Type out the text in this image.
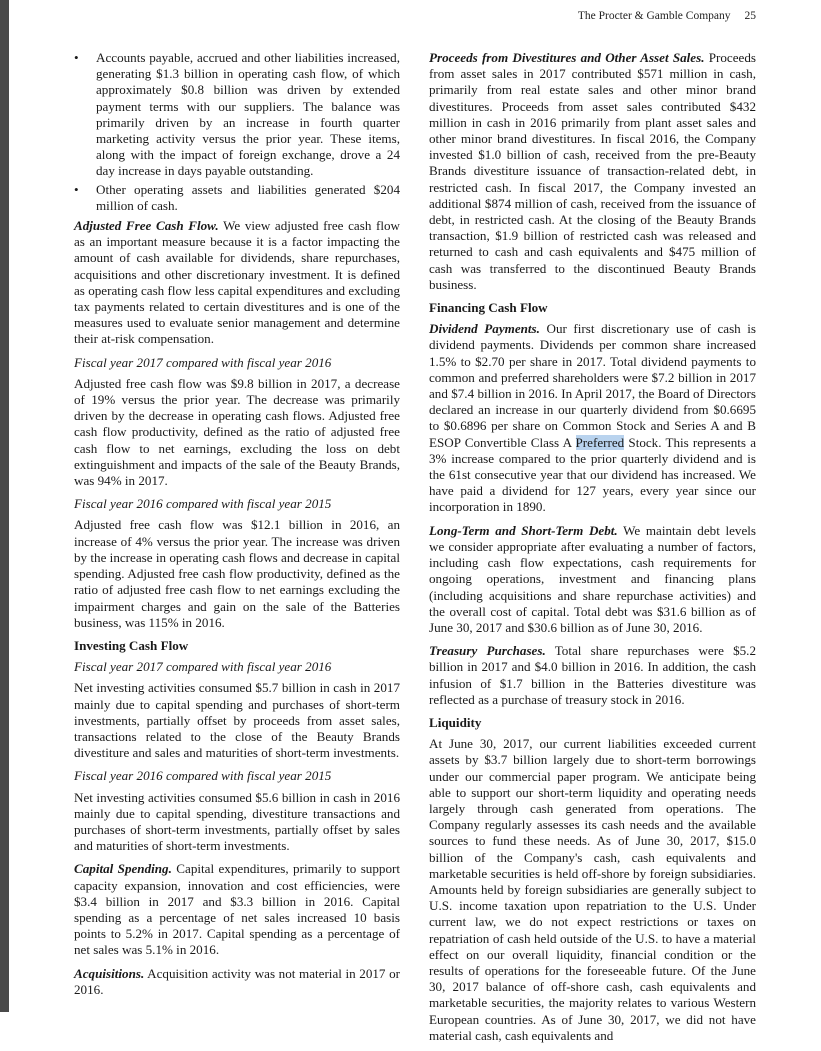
The Procter & Gamble Company 25
• Accounts payable, accrued and other liabilities increased, generating $1.3 billion in operating cash flow, of which approximately $0.8 billion was driven by extended payment terms with our suppliers. The balance was primarily driven by an increase in fourth quarter marketing activity versus the prior year. These items, along with the impact of foreign exchange, drove a 24 day increase in days payable outstanding.
• Other operating assets and liabilities generated $204 million of cash.

Adjusted Free Cash Flow. We view adjusted free cash flow as an important measure because it is a factor impacting the amount of cash available for dividends, share repurchases, acquisitions and other discretionary investment. It is defined as operating cash flow less capital expenditures and excluding tax payments related to certain divestitures and is one of the measures used to evaluate senior management and determine their at-risk compensation.

Fiscal year 2017 compared with fiscal year 2016

Adjusted free cash flow was $9.8 billion in 2017, a decrease of 19% versus the prior year. The decrease was primarily driven by the decrease in operating cash flows. Adjusted free cash flow productivity, defined as the ratio of adjusted free cash flow to net earnings, excluding the loss on debt extinguishment and impacts of the sale of the Beauty Brands, was 94% in 2017.

Fiscal year 2016 compared with fiscal year 2015

Adjusted free cash flow was $12.1 billion in 2016, an increase of 4% versus the prior year. The increase was driven by the increase in operating cash flows and decrease in capital spending. Adjusted free cash flow productivity, defined as the ratio of adjusted free cash flow to net earnings excluding the impairment charges and gain on the sale of the Batteries business, was 115% in 2016.

Investing Cash Flow
Fiscal year 2017 compared with fiscal year 2016

Net investing activities consumed $5.7 billion in cash in 2017 mainly due to capital spending and purchases of short-term investments, partially offset by proceeds from asset sales, transactions related to the close of the Beauty Brands divestiture and sales and maturities of short-term investments.

Fiscal year 2016 compared with fiscal year 2015

Net investing activities consumed $5.6 billion in cash in 2016 mainly due to capital spending, divestiture transactions and purchases of short-term investments, partially offset by sales and maturities of short-term investments.

Capital Spending. Capital expenditures, primarily to support capacity expansion, innovation and cost efficiencies, were $3.4 billion in 2017 and $3.3 billion in 2016. Capital spending as a percentage of net sales increased 10 basis points to 5.2% in 2017. Capital spending as a percentage of net sales was 5.1% in 2016.

Acquisitions. Acquisition activity was not material in 2017 or 2016.

Proceeds from Divestitures and Other Asset Sales. Proceeds from asset sales in 2017 contributed $571 million in cash, primarily from real estate sales and other minor brand divestitures. Proceeds from asset sales contributed $432 million in cash in 2016 primarily from plant asset sales and other minor brand divestitures. In fiscal 2016, the Company invested $1.0 billion of cash, received from the pre-Beauty Brands divestiture issuance of transaction-related debt, in restricted cash. In fiscal 2017, the Company invested an additional $874 million of cash, received from the issuance of debt, in restricted cash. At the closing of the Beauty Brands transaction, $1.9 billion of restricted cash was released and returned to cash and cash equivalents and $475 million of cash was transferred to the discontinued Beauty Brands business.

Financing Cash Flow

Dividend Payments. Our first discretionary use of cash is dividend payments. Dividends per common share increased 1.5% to $2.70 per share in 2017. Total dividend payments to common and preferred shareholders were $7.2 billion in 2017 and $7.4 billion in 2016. In April 2017, the Board of Directors declared an increase in our quarterly dividend from $0.6695 to $0.6896 per share on Common Stock and Series A and B ESOP Convertible Class A Preferred Stock. This represents a 3% increase compared to the prior quarterly dividend and is the 61st consecutive year that our dividend has increased. We have paid a dividend for 127 years, every year since our incorporation in 1890.

Long-Term and Short-Term Debt. We maintain debt levels we consider appropriate after evaluating a number of factors, including cash flow expectations, cash requirements for ongoing operations, investment and financing plans (including acquisitions and share repurchase activities) and the overall cost of capital. Total debt was $31.6 billion as of June 30, 2017 and $30.6 billion as of June 30, 2016.

Treasury Purchases. Total share repurchases were $5.2 billion in 2017 and $4.0 billion in 2016. In addition, the cash infusion of $1.7 billion in the Batteries divestiture was reflected as a purchase of treasury stock in 2016.

Liquidity

At June 30, 2017, our current liabilities exceeded current assets by $3.7 billion largely due to short-term borrowings under our commercial paper program. We anticipate being able to support our short-term liquidity and operating needs largely through cash generated from operations. The Company regularly assesses its cash needs and the available sources to fund these needs. As of June 30, 2017, $15.0 billion of the Company's cash, cash equivalents and marketable securities is held off-shore by foreign subsidiaries. Amounts held by foreign subsidiaries are generally subject to U.S. income taxation upon repatriation to the U.S. Under current law, we do not expect restrictions or taxes on repatriation of cash held outside of the U.S. to have a material effect on our overall liquidity, financial condition or the results of operations for the foreseeable future. Of the June 30, 2017 balance of off-shore cash, cash equivalents and marketable securities, the majority relates to various Western European countries. As of June 30, 2017, we did not have material cash, cash equivalents and
